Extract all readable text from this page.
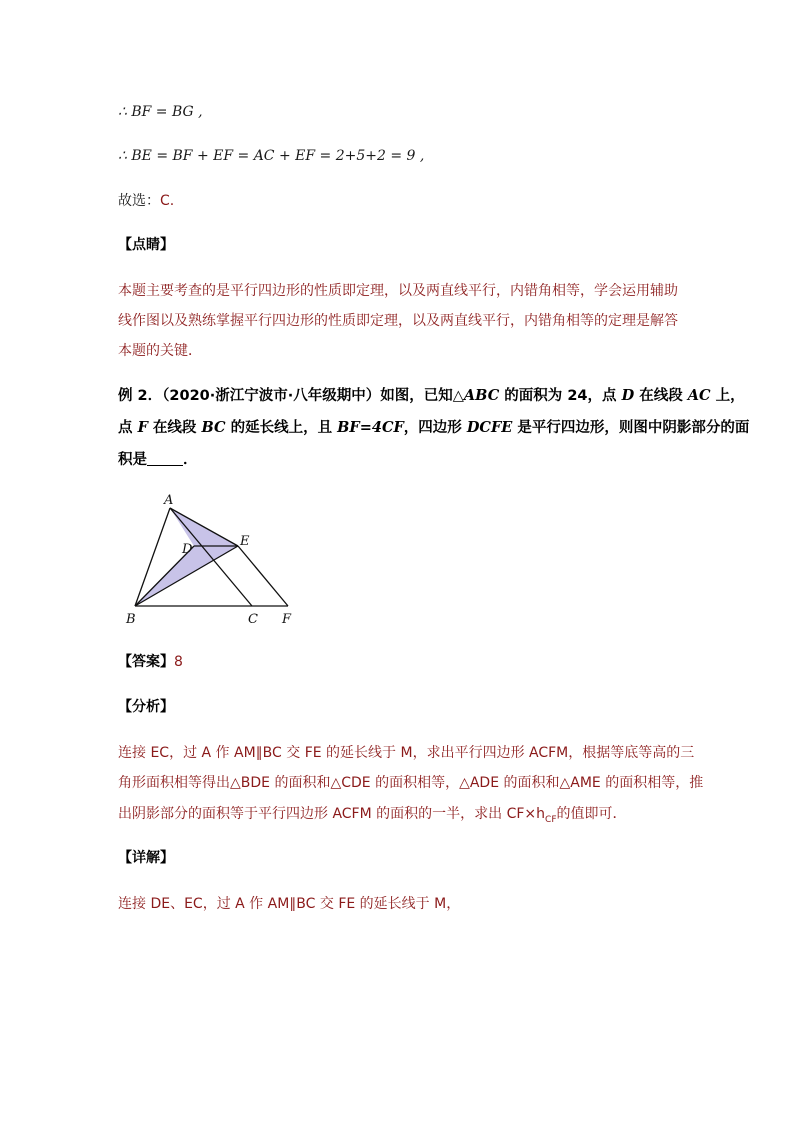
∴ BF = BG ,
∴ BE = BF + EF = AC + EF = 2+5+2 = 9 ,
故选：C.
【点睛】
本题主要考查的是平行四边形的性质即定理，以及两直线平行，内错角相等，学会运用辅助
线作图以及熟练掌握平行四边形的性质即定理，以及两直线平行，内错角相等的定理是解答
本题的关键．
例 2．（2020·浙江宁波市·八年级期中）如图，已知△ABC 的面积为 24，点 D 在线段 AC 上，
点 F 在线段 BC 的延长线上，且 BF=4CF，四边形 DCFE 是平行四边形，则图中阴影部分的面
积是 ．
A
D
E
B	C F
【答案】8
【分析】
连接 EC，过 A 作 AM∥BC 交 FE 的延长线于 M，求出平行四边形 ACFM，根据等底等高的三
角形面积相等得出△BDE 的面积和△CDE 的面积相等，△ADE 的面积和△AME 的面积相等，推
出阴影部分的面积等于平行四边形 ACFM 的面积的一半，求出 $CF\times h_{CF}$的值即可．
【详解】
连接 DE、EC，过 A 作 AM∥BC 交 FE 的延长线于 M，
